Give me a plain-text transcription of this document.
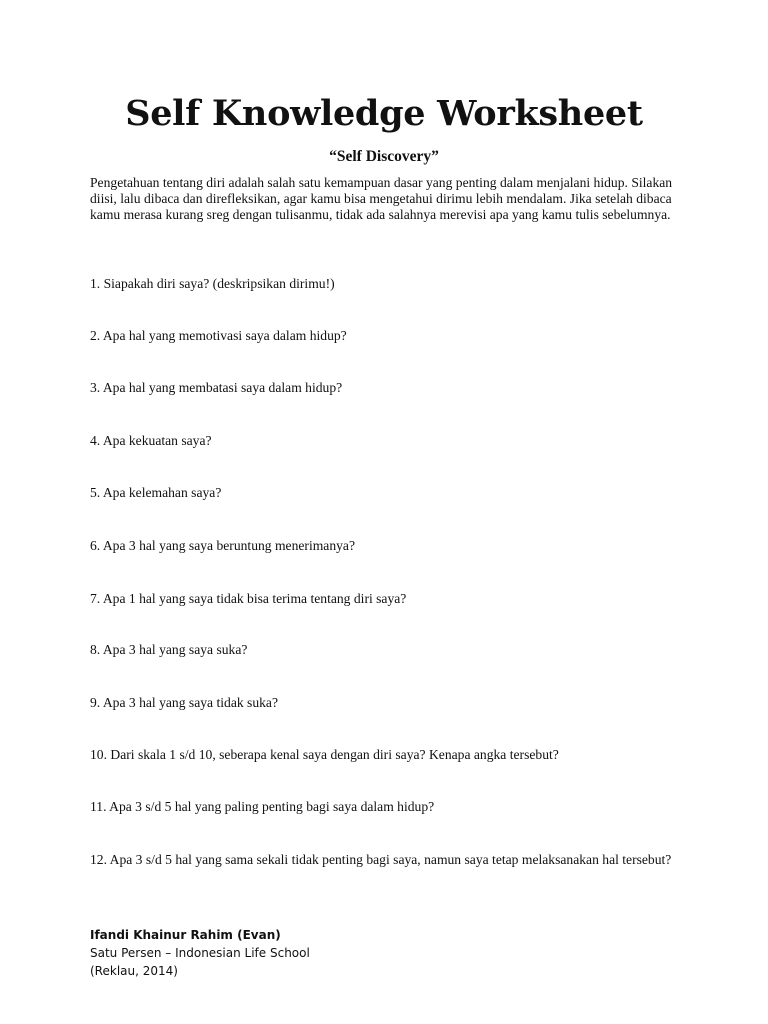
Self Knowledge Worksheet
“Self Discovery”

Pengetahuan tentang diri adalah salah satu kemampuan dasar yang penting dalam menjalani hidup. Silakan diisi, lalu dibaca dan direfleksikan, agar kamu bisa mengetahui dirimu lebih mendalam. Jika setelah dibaca kamu merasa kurang sreg dengan tulisanmu, tidak ada salahnya merevisi apa yang kamu tulis sebelumnya.

1. Siapakah diri saya? (deskripsikan dirimu!)

2. Apa hal yang memotivasi saya dalam hidup?

3. Apa hal yang membatasi saya dalam hidup?

4. Apa kekuatan saya?

5. Apa kelemahan saya?

6. Apa 3 hal yang saya beruntung menerimanya?

7. Apa 1 hal yang saya tidak bisa terima tentang diri saya?

8. Apa 3 hal yang saya suka?

9. Apa 3 hal yang saya tidak suka?

10. Dari skala 1 s/d 10, seberapa kenal saya dengan diri saya? Kenapa angka tersebut?

11. Apa 3 s/d 5 hal yang paling penting bagi saya dalam hidup?

12. Apa 3 s/d 5 hal yang sama sekali tidak penting bagi saya, namun saya tetap melaksanakan hal tersebut?

Ifandi Khainur Rahim (Evan)
Satu Persen – Indonesian Life School
(Reklau, 2014)
